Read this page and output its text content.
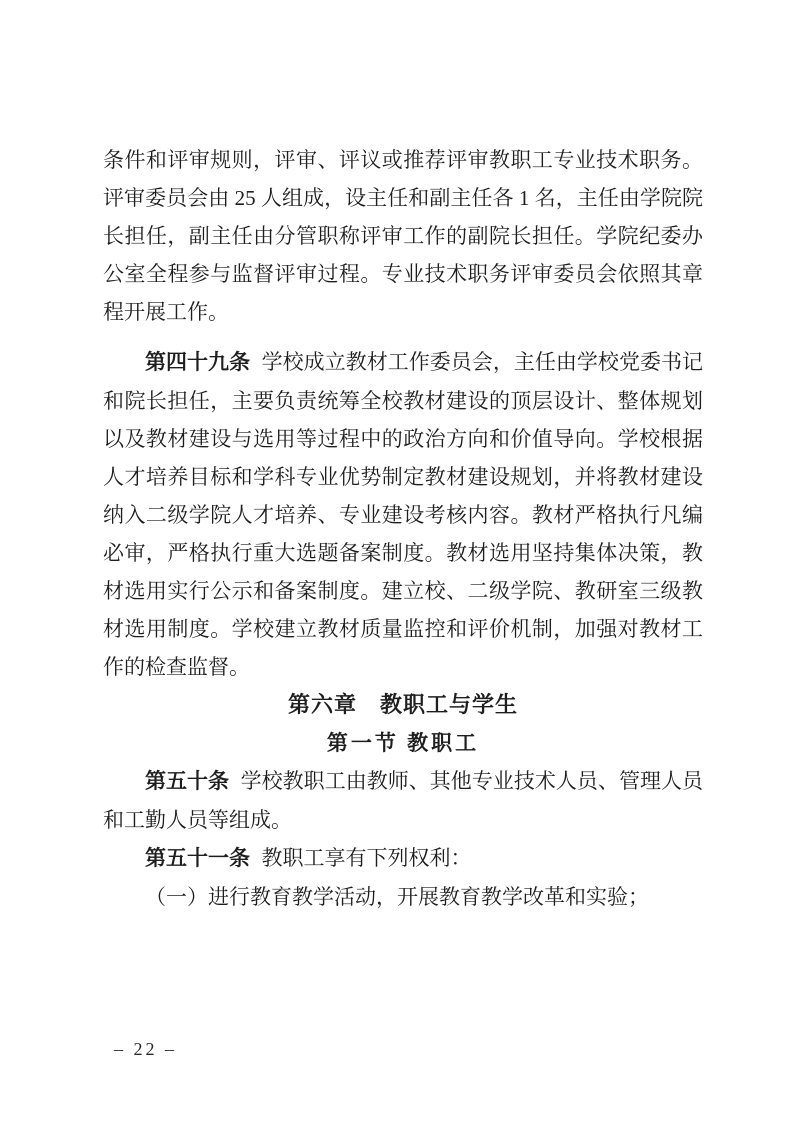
条件和评审规则，评审、评议或推荐评审教职工专业技术职务。评审委员会由 25 人组成，设主任和副主任各 1 名，主任由学院院长担任，副主任由分管职称评审工作的副院长担任。学院纪委办公室全程参与监督评审过程。专业技术职务评审委员会依照其章程开展工作。

第四十九条 学校成立教材工作委员会，主任由学校党委书记和院长担任，主要负责统筹全校教材建设的顶层设计、整体规划以及教材建设与选用等过程中的政治方向和价值导向。学校根据人才培养目标和学科专业优势制定教材建设规划，并将教材建设纳入二级学院人才培养、专业建设考核内容。教材严格执行凡编必审，严格执行重大选题备案制度。教材选用坚持集体决策，教材选用实行公示和备案制度。建立校、二级学院、教研室三级教材选用制度。学校建立教材质量监控和评价机制，加强对教材工作的检查监督。

第六章　教职工与学生
第一节 教职工

第五十条 学校教职工由教师、其他专业技术人员、管理人员和工勤人员等组成。

第五十一条 教职工享有下列权利：

（一）进行教育教学活动，开展教育教学改革和实验；

– 22 –
